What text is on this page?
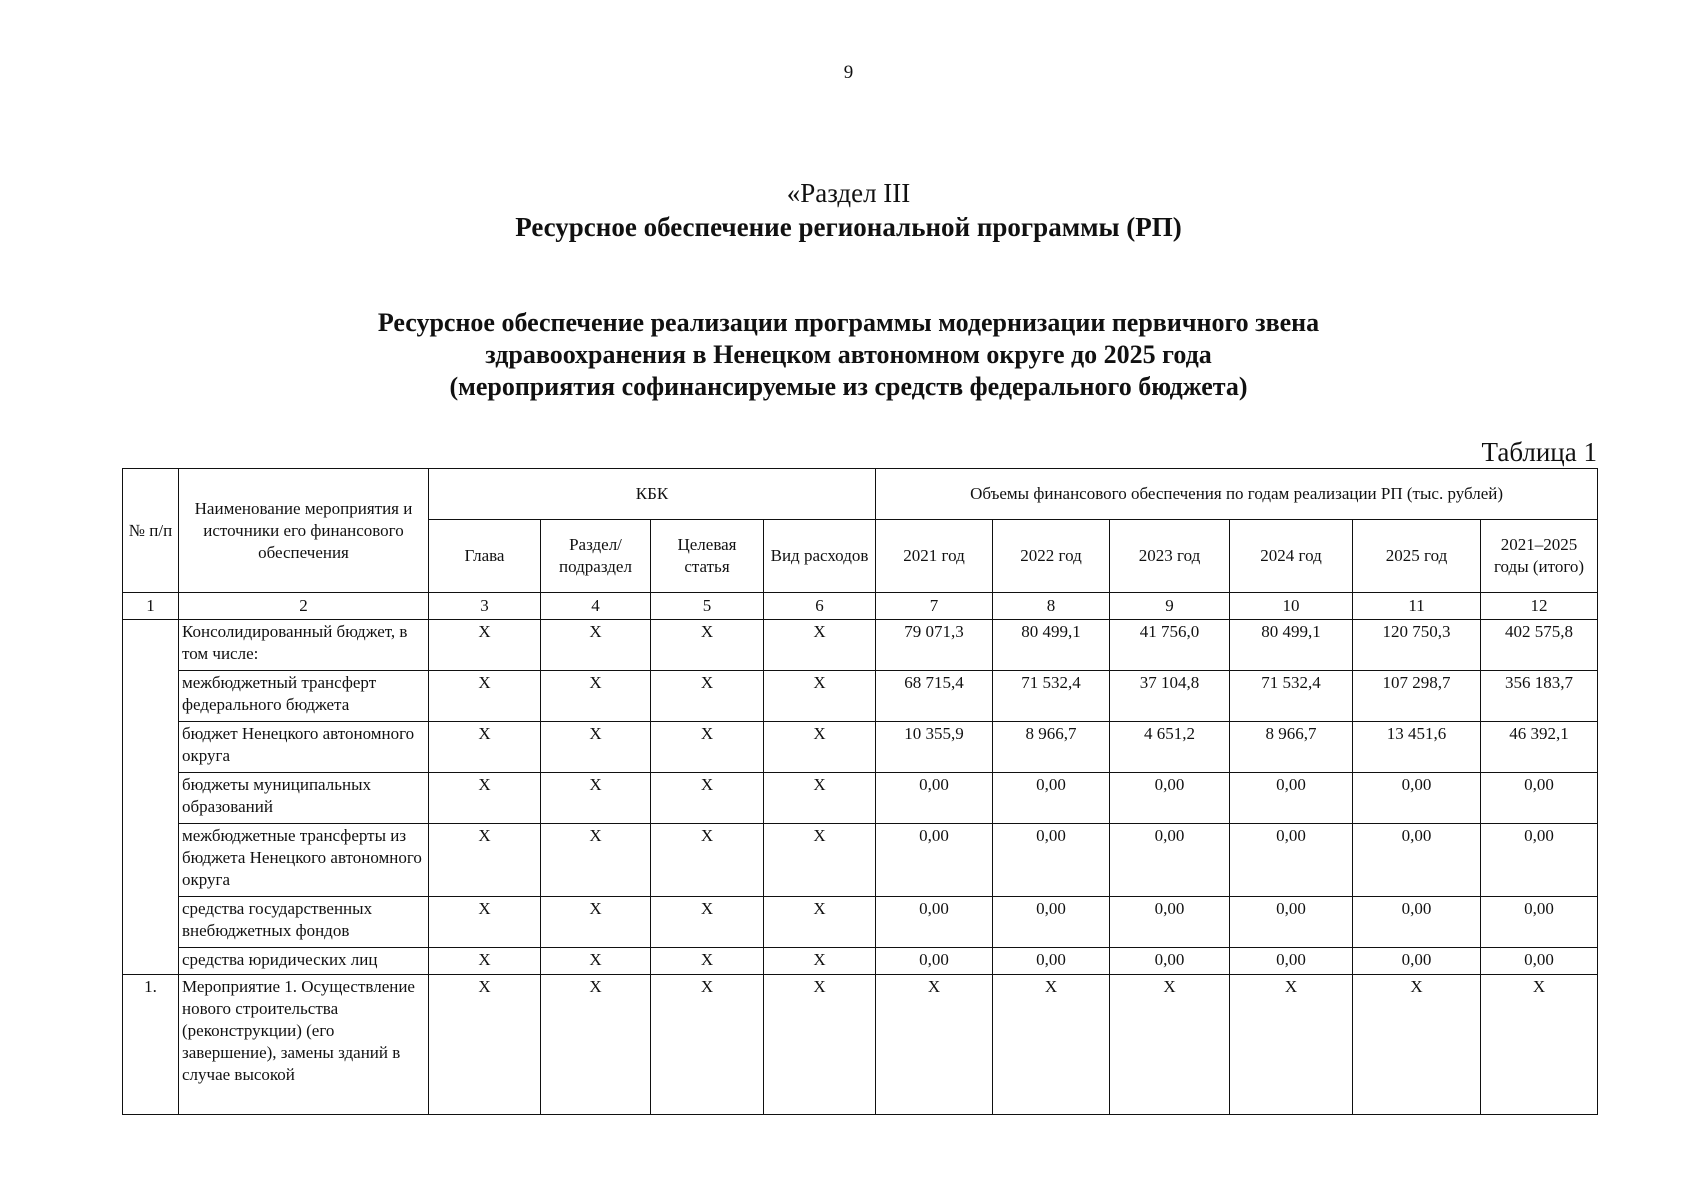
9
«Раздел III
Ресурсное обеспечение региональной программы (РП)
Ресурсное обеспечение реализации программы модернизации первичного звена
здравоохранения в Ненецком автономном округе до 2025 года
(мероприятия софинансируемые из средств федерального бюджета)
Таблица 1
№ п/п	Наименование мероприятия и источники его финансового обеспечения	КБК				Объемы финансового обеспечения по годам реализации РП (тыс. рублей)					
		Глава	Раздел/ подраздел	Целевая статья	Вид расходов	2021 год	2022 год	2023 год	2024 год	2025 год	2021–2025 годы (итого)
1	2	3	4	5	6	7	8	9	10	11	12
	Консолидированный бюджет, в том числе:	X	X	X	X	79 071,3	80 499,1	41 756,0	80 499,1	120 750,3	402 575,8
	межбюджетный трансферт федерального бюджета	X	X	X	X	68 715,4	71 532,4	37 104,8	71 532,4	107 298,7	356 183,7
	бюджет Ненецкого автономного округа	X	X	X	X	10 355,9	8 966,7	4 651,2	8 966,7	13 451,6	46 392,1
	бюджеты муниципальных образований	X	X	X	X	0,00	0,00	0,00	0,00	0,00	0,00
	межбюджетные трансферты из бюджета Ненецкого автономного округа	X	X	X	X	0,00	0,00	0,00	0,00	0,00	0,00
	средства государственных внебюджетных фондов	X	X	X	X	0,00	0,00	0,00	0,00	0,00	0,00
	средства юридических лиц	X	X	X	X	0,00	0,00	0,00	0,00	0,00	0,00
1.	Мероприятие 1. Осуществление нового строительства (реконструкции) (его завершение), замены зданий в случае высокой	X	X	X	X	X	X	X	X	X	X
